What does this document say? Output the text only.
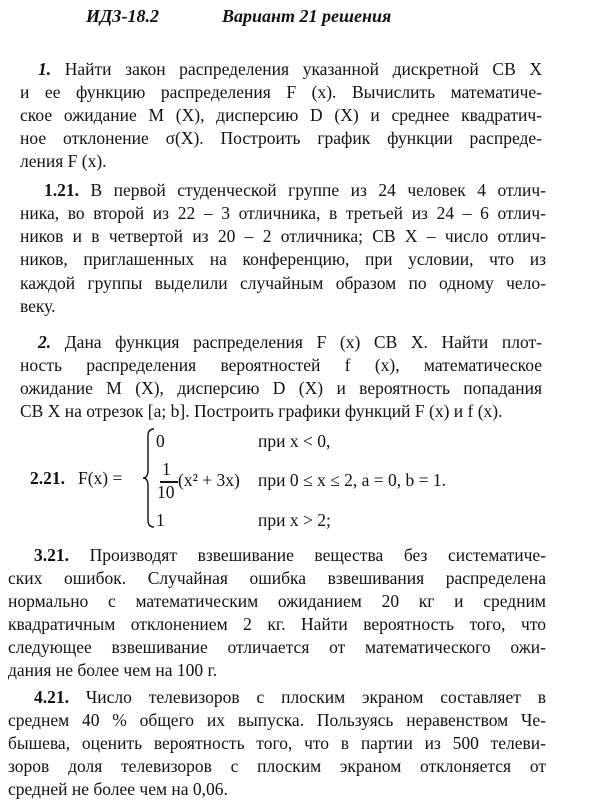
ИДЗ-18.2	Вариант 21 решения
1. Найти закон распределения указанной дискретной СВ X
и ее функцию распределения F (x). Вычислить математиче-
ское ожидание M (X), дисперсию D (X) и среднее квадратич-
ное отклонение σ(X). Построить график функции распреде-
ления F (x).
1.21. В первой студенческой группе из 24 человек 4 отлич-
ника, во второй из 22 – 3 отличника, в третьей из 24 – 6 отлич-
ников и в четвертой из 20 – 2 отличника; СВ X – число отлич-
ников, приглашенных на конференцию, при условии, что из
каждой группы выделили случайным образом по одному чело-
веку.
2. Дана функция распределения F (x) СВ X. Найти плот-
ность распределения вероятностей f (x), математическое
ожидание M (X), дисперсию D (X) и вероятность попадания
СВ X на отрезок [a; b]. Построить графики функций F (x) и f (x).
2.21. F(x) =
0	при x < 0,
1
10
(x² + 3x) при 0 ≤ x ≤ 2, a = 0, b = 1.
1	при x > 2;
3.21. Производят взвешивание вещества без систематиче-
ских ошибок. Случайная ошибка взвешивания распределена
нормально с математическим ожиданием 20 кг и средним
квадратичным отклонением 2 кг. Найти вероятность того, что
следующее взвешивание отличается от математического ожи-
дания не более чем на 100 г.
4.21. Число телевизоров с плоским экраном составляет в
среднем 40 % общего их выпуска. Пользуясь неравенством Че-
бышева, оценить вероятность того, что в партии из 500 телеви-
зоров доля телевизоров с плоским экраном отклоняется от
средней не более чем на 0,06.
